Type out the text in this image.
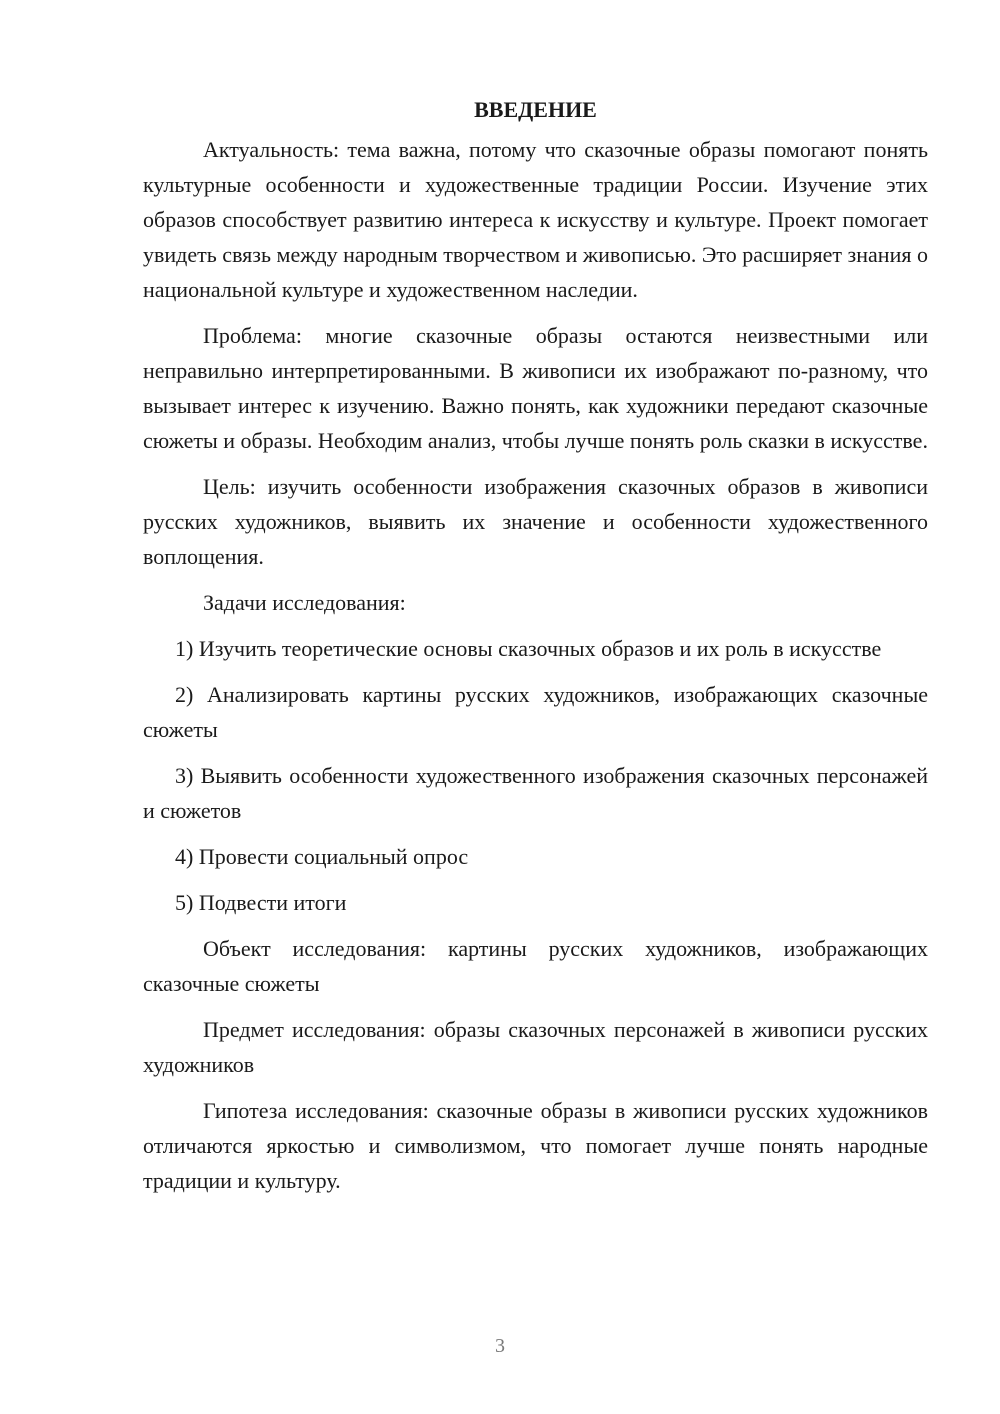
ВВЕДЕНИЕ

Актуальность: тема важна, потому что сказочные образы помогают понять культурные особенности и художественные традиции России. Изучение этих образов способствует развитию интереса к искусству и культуре. Проект помогает увидеть связь между народным творчеством и живописью. Это расширяет знания о национальной культуре и художественном наследии.

Проблема: многие сказочные образы остаются неизвестными или неправильно интерпретированными. В живописи их изображают по-разному, что вызывает интерес к изучению. Важно понять, как художники передают сказочные сюжеты и образы. Необходим анализ, чтобы лучше понять роль сказки в искусстве.

Цель: изучить особенности изображения сказочных образов в живописи русских художников, выявить их значение и особенности художественного воплощения.

Задачи исследования:

1) Изучить теоретические основы сказочных образов и их роль в искусстве

2) Анализировать картины русских художников, изображающих сказочные сюжеты

3) Выявить особенности художественного изображения сказочных персонажей и сюжетов

4) Провести социальный опрос

5) Подвести итоги

Объект исследования: картины русских художников, изображающих сказочные сюжеты

Предмет исследования: образы сказочных персонажей в живописи русских художников

Гипотеза исследования: сказочные образы в живописи русских художников отличаются яркостью и символизмом, что помогает лучше понять народные традиции и культуру.

3
